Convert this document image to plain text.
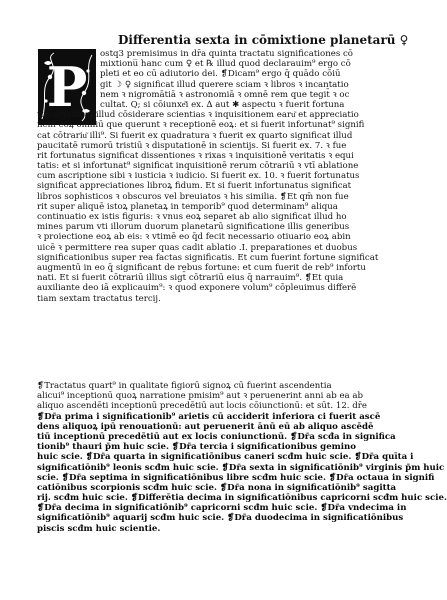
Differentia sexta in cōmixtione planetarū ♀
P
ostq3 premisimus in dr̄a quinta tractatu significationes cō
mixtionu̅ hanc cum ♀ et ℞ illud quod declarauim⁹ ergo cō
pleti et eo cū adiutorio dei. ❡Dicam⁹ ergo q̄ quādo cōiū
git ☽ ♀ significat illud querere sciam ꝛ libros ꝛ incantatio
nem ꝛ nigromātiā ꝛ astronomiā ꝛ omnē rem que tegit̄ ꝛ oc
cultat. Q; si cōiunxe͂i ex. ∆ aut ✱ aspectu ꝛ fuerit fortuna
tus significat illud cōsiderare scientias ꝛ inquisitionem earu͂ et appreciatio
nem eoꝝ omniū que querunt ꝛ receptionē eoꝝ: et si fuerit infortunat⁹ signifi
cat cōtrariu͂ illi⁹. Si fuerit ex quadratura ꝛ fuerit ex quarto significat illud
paucitatē rumorū tristiū ꝛ disputationē in scientijs. Si fuerit ex. 7. ꝛ fue
rit fortunatus significat dissentiones ꝛ rixas ꝛ inquisitionē veritatis ꝛ equi
tatis: et si infortunat⁹ significat inquisitionē rerum cōtrariū ꝛ vtī ablatione
cum ascriptione sibi ꝛ iusticia ꝛ iudicio. Si fuerit ex. 10. ꝛ fuerit fortunatus
significat appreciationes libroꝝ fidum. Et si fuerit infortunatus significat
libros sophisticos ꝛ obscuros vel breuiatos ꝛ his similia. ❡Et qm̄ non fue
rit super aliquē istoꝝ planetaꝝ in temporib⁹ quod determinam⁹ aliqua
continuatio ex istis figuris: ꝛ vnus eoꝝ separet ab alio significat illud ho
mines parum vti illorum duorum planetarū significatione illis generibus
ꝛ proiectione eoꝝ ab eis: ꝛ vtimē eo q̄d fecit necessario otiuario eoꝝ abin
uicē ꝛ permittere rea super quas cadit ablatio .I. preparationes et duobus
significationibus super rea factas significatis. Et cum fuerint fortune significat
augmentū in eo q̄ significant de rebus fortune: et cum fuerit de reb⁹ infortu
nati. Et si fuerit cōtrariū illius sigt̄ cōtrariū eius q̄ narrauim⁹. ❡Et quia
auxiliante deo iā explicauim⁹: ꝛ quod exponere volum⁹ cōpleuimus differē
tiam sextam tractatus tercij.
❡Tractatus quart⁹ in qualitate figiorū signoꝝ cū fuerint ascendentia
alicui⁹ inceptionū quoꝝ narratione pmisim⁹ aut ꝛ peruenerint anni ab ea ab
aliquo ascendēti inceptionū precedētiū aut locis cōiunctionū: et sūt. 12. dr̄e
❡Dr̄a prima i significationib⁹ arietis cū acciderit inferiora ci fuerit ascē
dens aliquoꝝ ipū renouationū: aut peruenerit ānū eū ab aliquo ascēdē
tiū inceptionū precedētiū aut ex locis coniunctionū. ❡Dr̄a scđa in significa
tionib⁹ thauri p̄m huic scie. ❡Dr̄a tercia i significationibus gemino
huic scie. ❡Dr̄a quarta in significatiōnibus caneri scđm huic scie. ❡Dr̄a quīta i
significatiōnib⁹ leonis scđm huic scie. ❡Dr̄a sexta in significatiōnib⁹ virginis p̄m huic
scie. ❡Dr̄a septima in significatiōnibus libre scđm huic scie. ❡Dr̄a octaua in signifi
catiōnibus scorpionis scđm huic scie. ❡Dr̄a nona in significatiōnib⁹ sagitta
rij. scđm huic scie. ❡Differētia decima in significatiōnibus capricorni scđm huic scie.
❡Dr̄a decima in significatiōnib⁹ capricorni scđm huic scie. ❡Dr̄a vndecima in
significatiōnib⁹ aquarij scđm huic scie. ❡Dr̄a duodecima in significatiōnibus
piscis scđm huic scientie.
